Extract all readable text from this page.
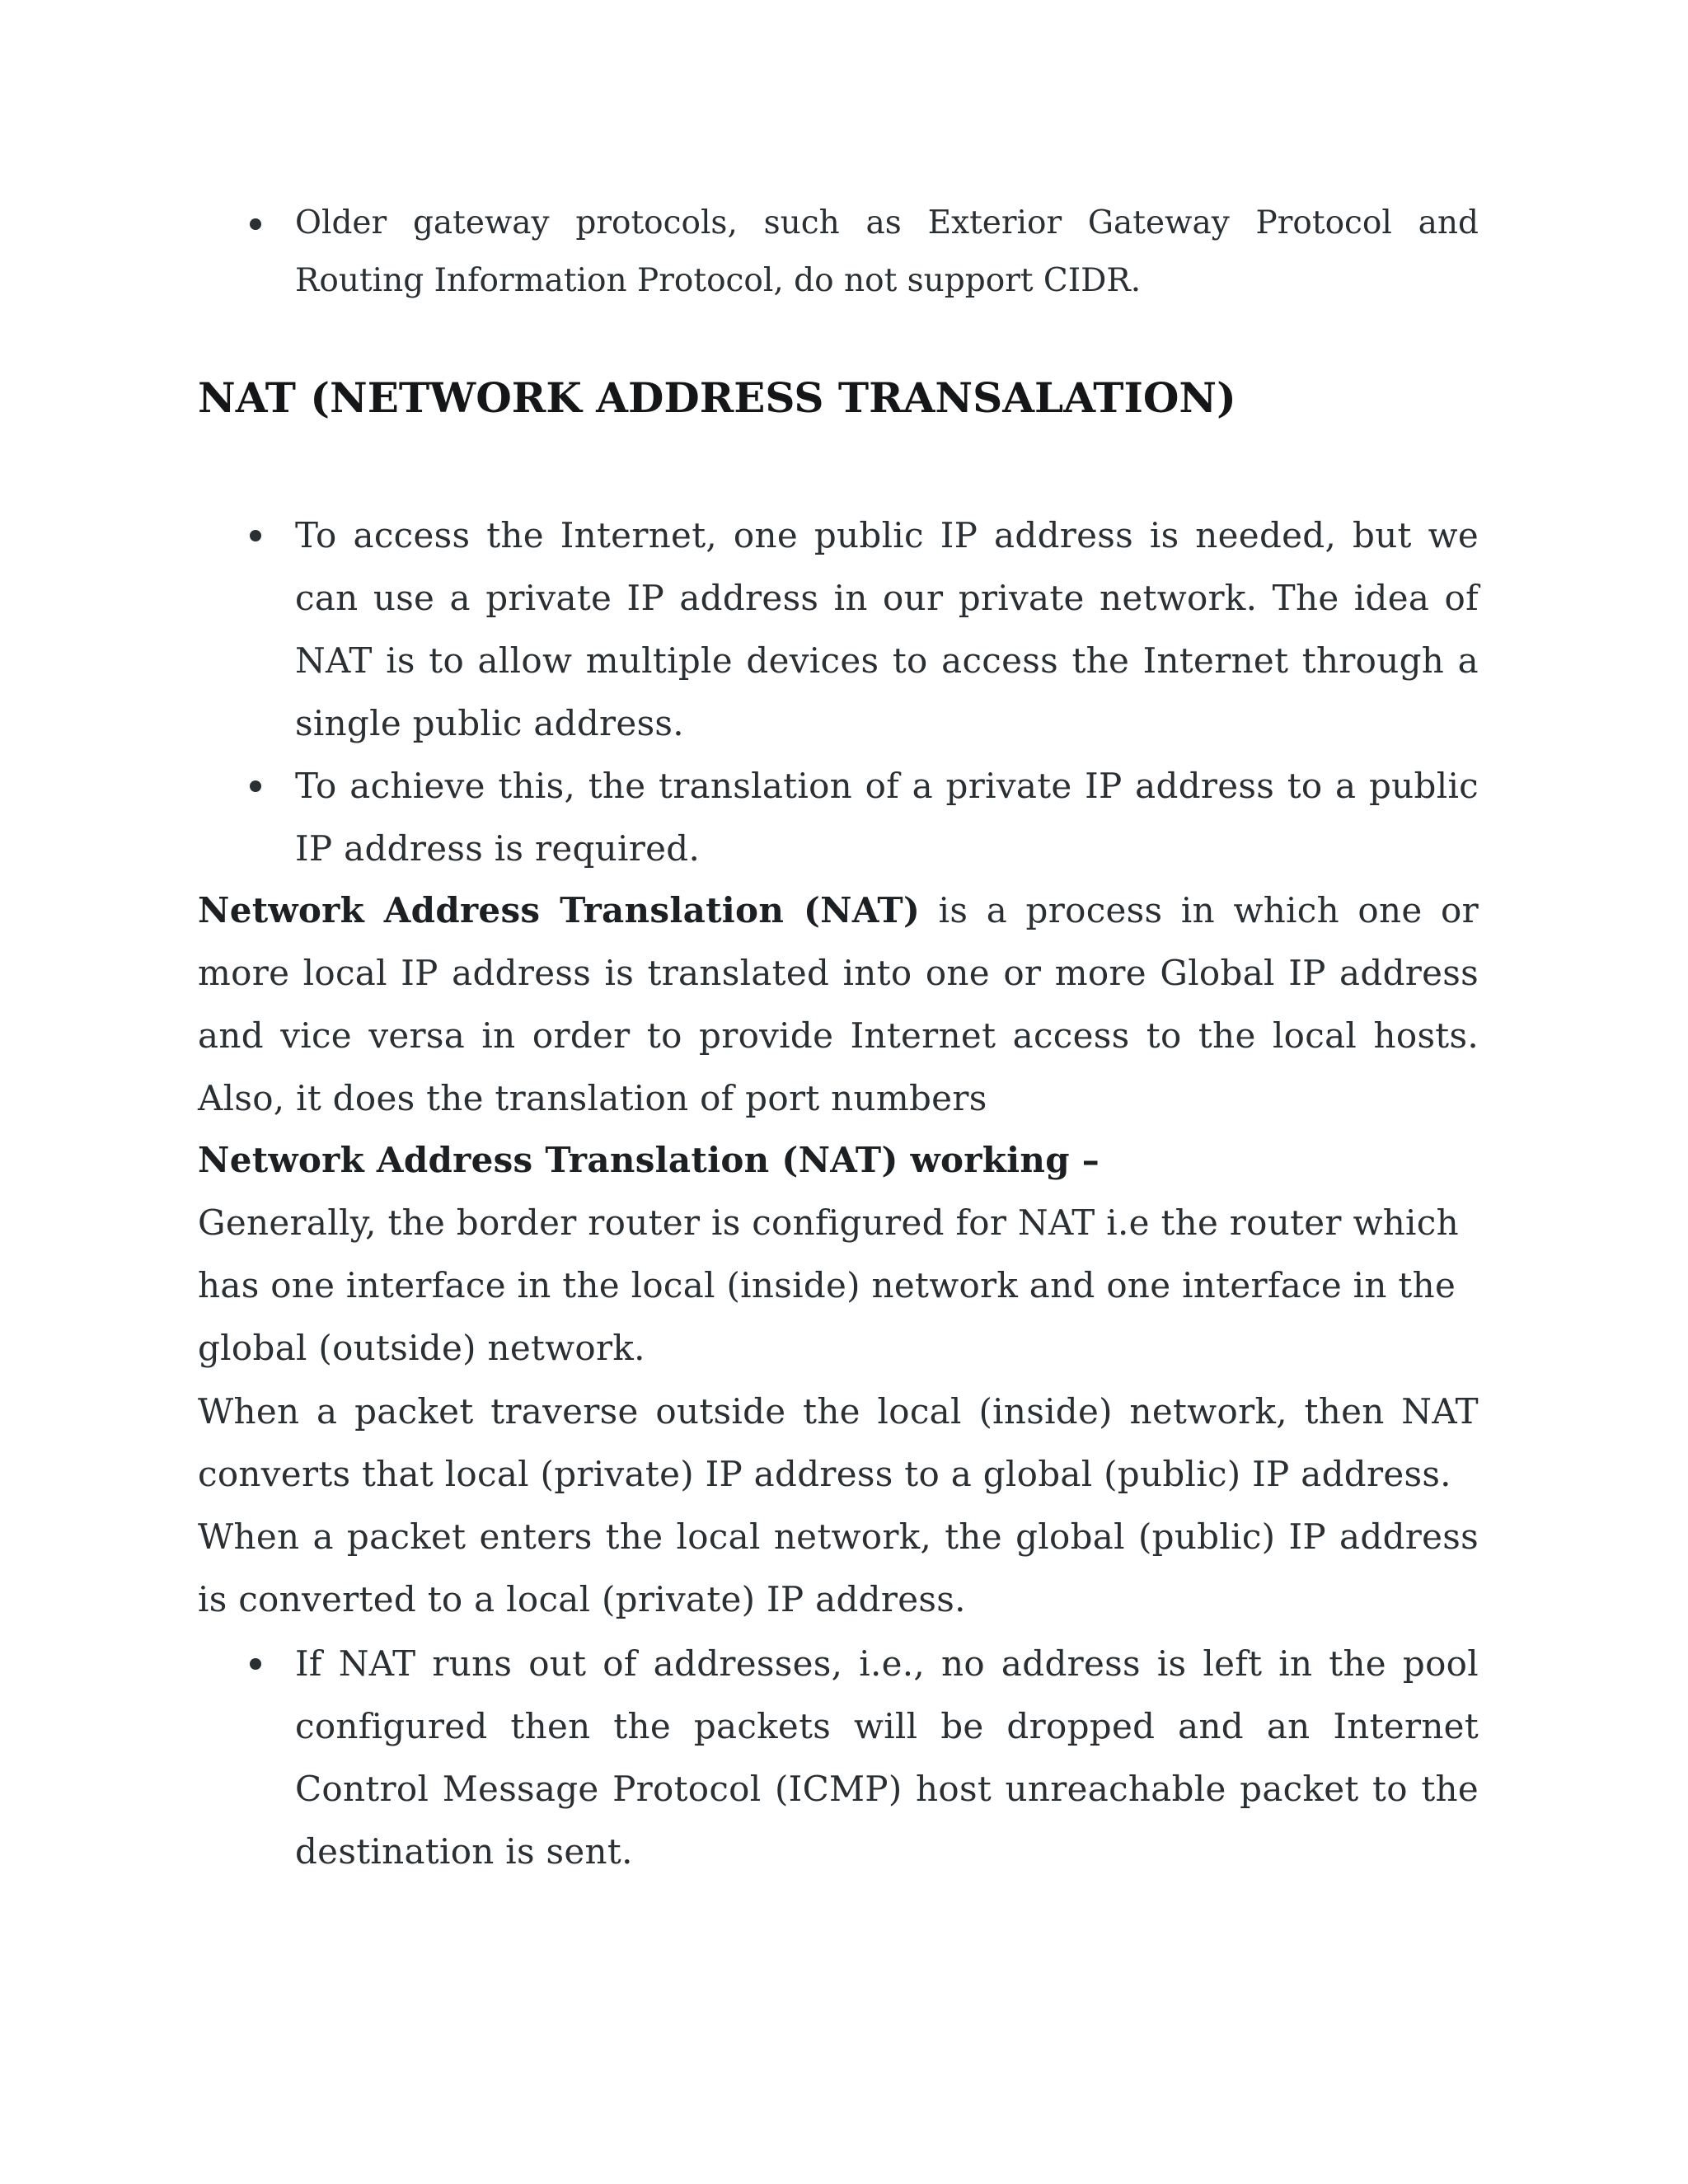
Older gateway protocols, such as Exterior Gateway Protocol and Routing Information Protocol, do not support CIDR.
NAT (NETWORK ADDRESS TRANSALATION)
To access the Internet, one public IP address is needed, but we can use a private IP address in our private network. The idea of NAT is to allow multiple devices to access the Internet through a single public address.
To achieve this, the translation of a private IP address to a public IP address is required.

Network Address Translation (NAT) is a process in which one or more local IP address is translated into one or more Global IP address and vice versa in order to provide Internet access to the local hosts. Also, it does the translation of port numbers

Network Address Translation (NAT) working –

Generally, the border router is configured for NAT i.e the router which has one interface in the local (inside) network and one interface in the global (outside) network.

When a packet traverse outside the local (inside) network, then NAT converts that local (private) IP address to a global (public) IP address.

When a packet enters the local network, the global (public) IP address is converted to a local (private) IP address.

If NAT runs out of addresses, i.e., no address is left in the pool configured then the packets will be dropped and an Internet Control Message Protocol (ICMP) host unreachable packet to the destination is sent.
